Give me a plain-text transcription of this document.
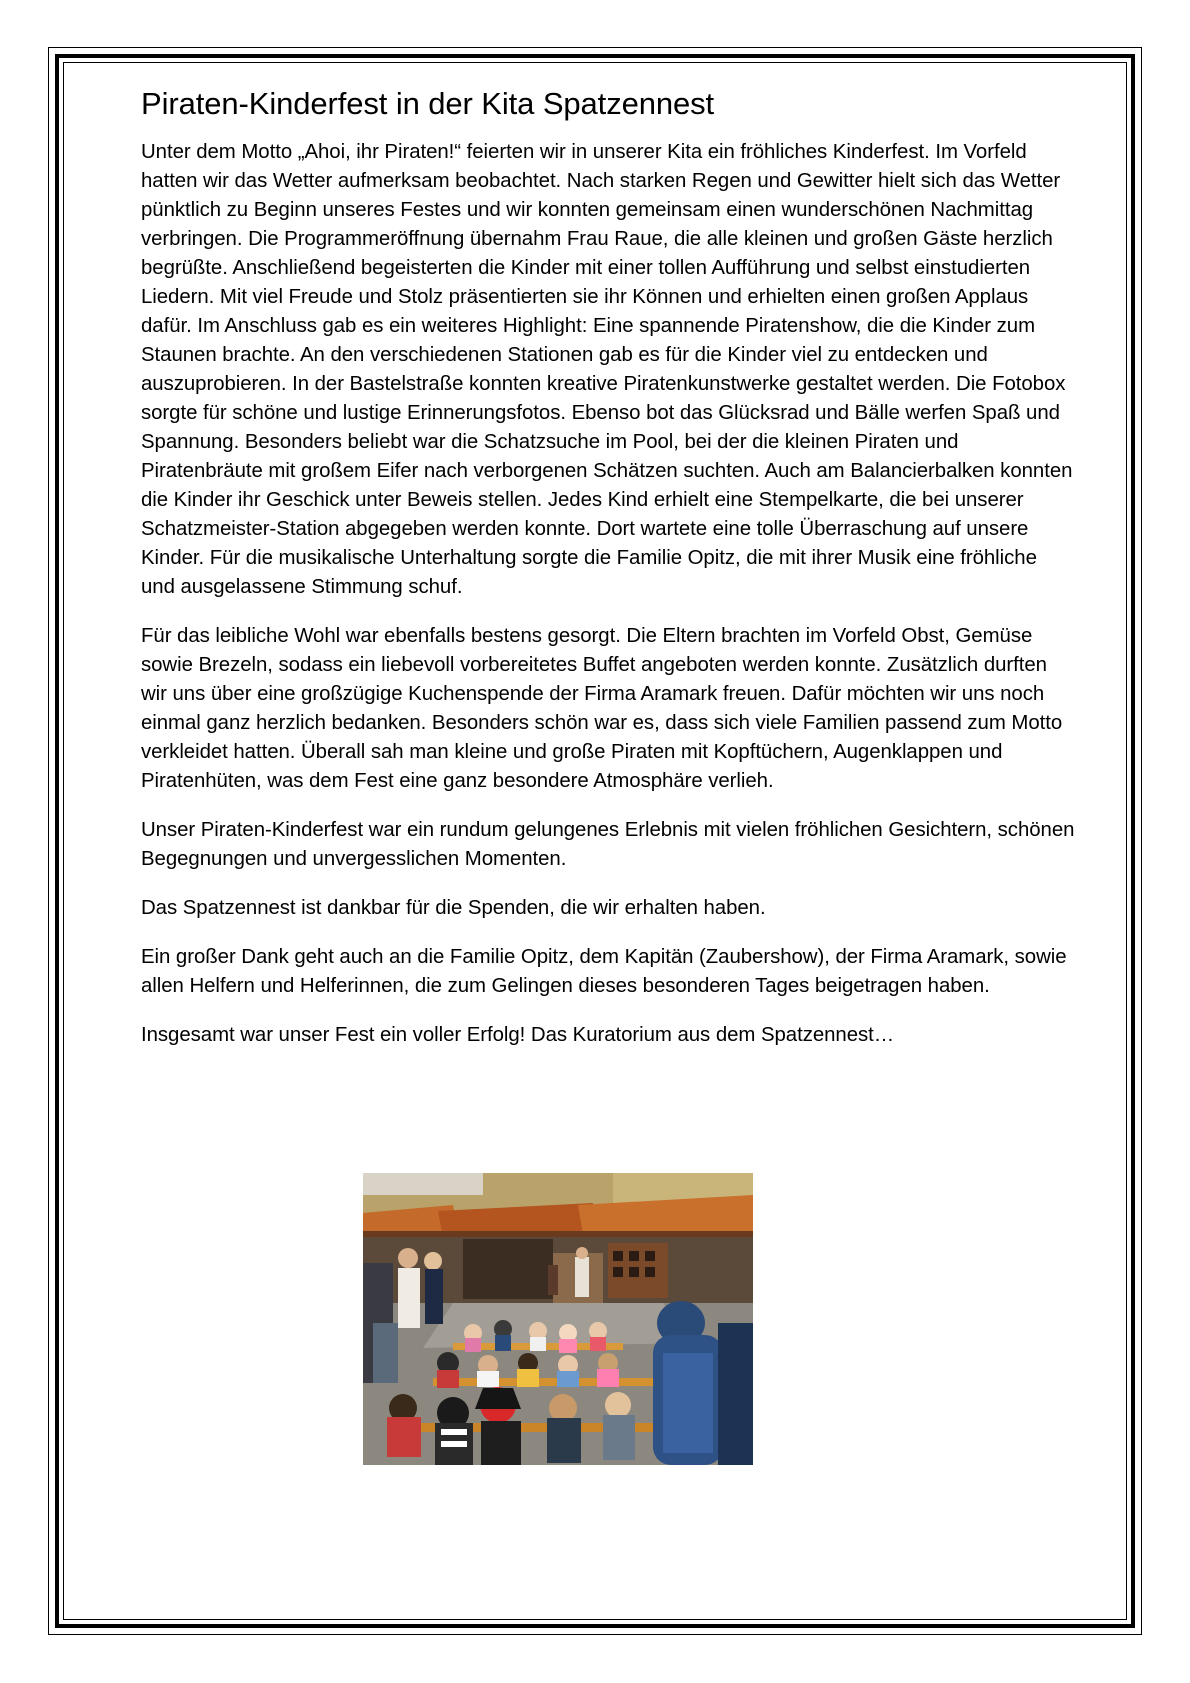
Piraten-Kinderfest in der Kita Spatzennest

Unter dem Motto „Ahoi, ihr Piraten!“ feierten wir in unserer Kita ein fröhliches Kinderfest. Im Vorfeld hatten wir das Wetter aufmerksam beobachtet. Nach starken Regen und Gewitter hielt sich das Wetter pünktlich zu Beginn unseres Festes und wir konnten gemeinsam einen wunderschönen Nachmittag verbringen. Die Programmeröffnung übernahm Frau Raue, die alle kleinen und großen Gäste herzlich begrüßte. Anschließend begeisterten die Kinder mit einer tollen Aufführung und selbst einstudierten Liedern. Mit viel Freude und Stolz präsentierten sie ihr Können und erhielten einen großen Applaus dafür. Im Anschluss gab es ein weiteres Highlight: Eine spannende Piratenshow, die die Kinder zum Staunen brachte. An den verschiedenen Stationen gab es für die Kinder viel zu entdecken und auszuprobieren. In der Bastelstraße konnten kreative Piratenkunstwerke gestaltet werden. Die Fotobox sorgte für schöne und lustige Erinnerungsfotos. Ebenso bot das Glücksrad und Bälle werfen Spaß und Spannung. Besonders beliebt war die Schatzsuche im Pool, bei der die kleinen Piraten und Piratenbräute mit großem Eifer nach verborgenen Schätzen suchten. Auch am Balancierbalken konnten die Kinder ihr Geschick unter Beweis stellen. Jedes Kind erhielt eine Stempelkarte, die bei unserer Schatzmeister-Station abgegeben werden konnte. Dort wartete eine tolle Überraschung auf unsere Kinder. Für die musikalische Unterhaltung sorgte die Familie Opitz, die mit ihrer Musik eine fröhliche und ausgelassene Stimmung schuf.

Für das leibliche Wohl war ebenfalls bestens gesorgt. Die Eltern brachten im Vorfeld Obst, Gemüse sowie Brezeln, sodass ein liebevoll vorbereitetes Buffet angeboten werden konnte. Zusätzlich durften wir uns über eine großzügige Kuchenspende der Firma Aramark freuen. Dafür möchten wir uns noch einmal ganz herzlich bedanken. Besonders schön war es, dass sich viele Familien passend zum Motto verkleidet hatten. Überall sah man kleine und große Piraten mit Kopftüchern, Augenklappen und Piratenhüten, was dem Fest eine ganz besondere Atmosphäre verlieh.

Unser Piraten-Kinderfest war ein rundum gelungenes Erlebnis mit vielen fröhlichen Gesichtern, schönen Begegnungen und unvergesslichen Momenten.

Das Spatzennest ist dankbar für die Spenden, die wir erhalten haben.

Ein großer Dank geht auch an die Familie Opitz, dem Kapitän (Zaubershow), der Firma Aramark, sowie allen Helfern und Helferinnen, die zum Gelingen dieses besonderen Tages beigetragen haben.

Insgesamt war unser Fest ein voller Erfolg! Das Kuratorium aus dem Spatzennest…
